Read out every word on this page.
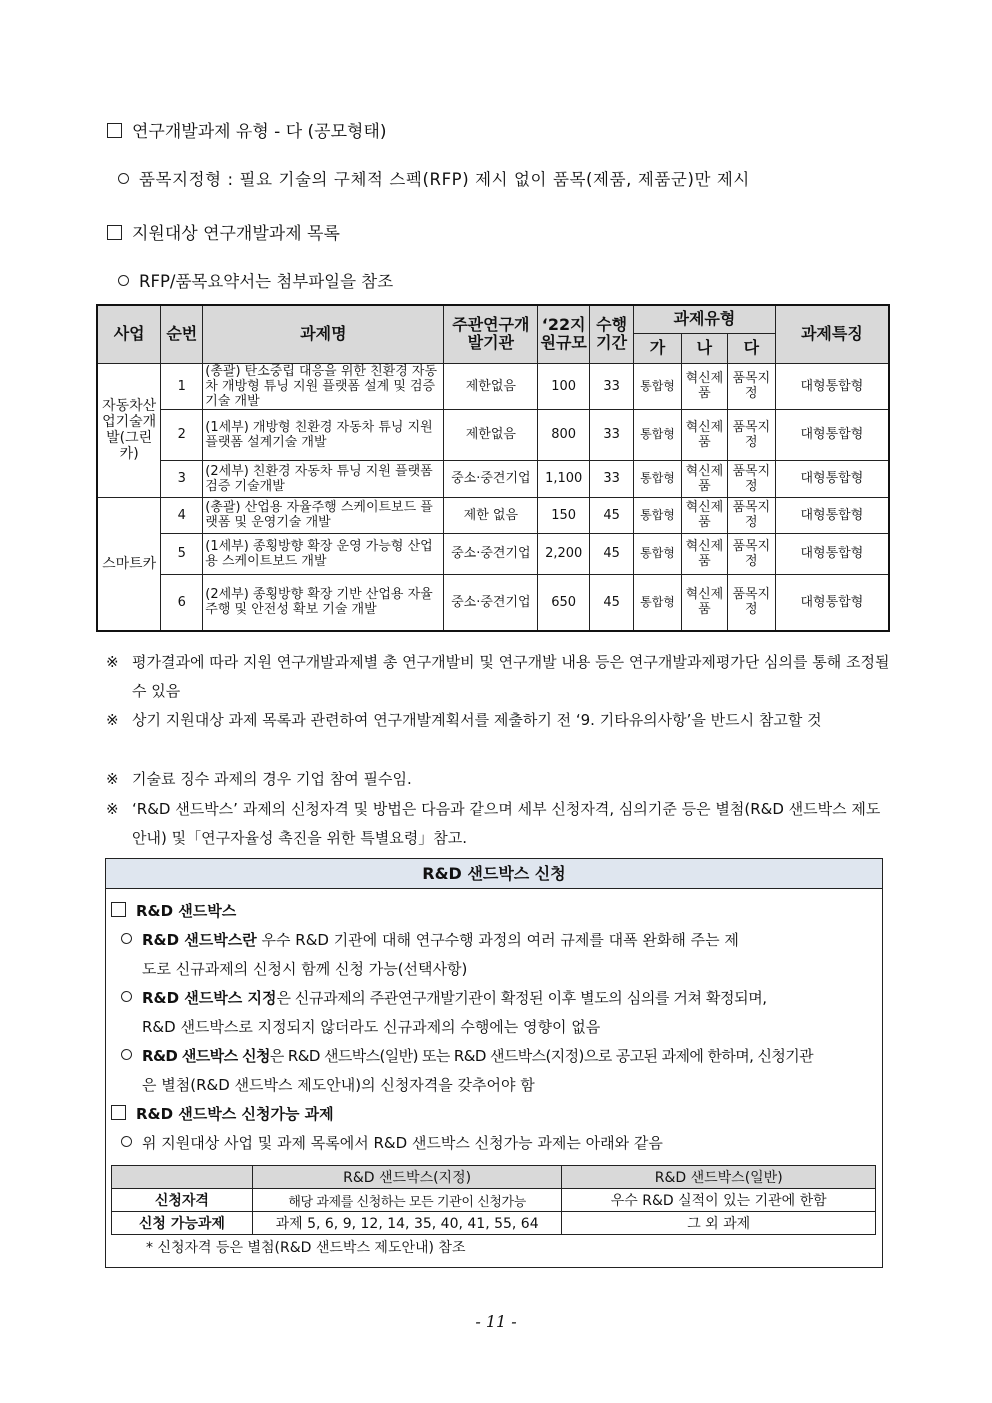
연구개발과제 유형 - 다 (공모형태)
품목지정형 : 필요 기술의 구체적 스펙(RFP) 제시 없이 품목(제품, 제품군)만 제시
지원대상 연구개발과제 목록
RFP/품목요약서는 첨부파일을 참조
사업	순번	과제명	주관연구개발기관	‘22지원규모	수행기간	과제유형			과제특징
						가	나	다	
자동차산업기술개발(그린카)	1	(총괄) 탄소중립 대응을 위한 친환경 자동차 개방형 튜닝 지원 플랫폼 설계 및 검증기술 개발	제한없음	100	33	통합형	혁신제품	품목지정	대형통합형
	2	(1세부) 개방형 친환경 자동차 튜닝 지원 플랫폼 설계기술 개발	제한없음	800	33	통합형	혁신제품	품목지정	대형통합형
	3	(2세부) 친환경 자동차 튜닝 지원 플랫폼 검증 기술개발	중소·중견기업	1,100	33	통합형	혁신제품	품목지정	대형통합형
스마트카	4	(총괄) 산업용 자율주행 스케이트보드 플랫폼 및 운영기술 개발	제한 없음	150	45	통합형	혁신제품	품목지정	대형통합형
	5	(1세부) 종횡방향 확장 운영 가능형 산업용 스케이트보드 개발	중소·중견기업	2,200	45	통합형	혁신제품	품목지정	대형통합형
	6	(2세부) 종횡방향 확장 기반 산업용 자율주행 및 안전성 확보 기술 개발	중소·중견기업	650	45	통합형	혁신제품	품목지정	대형통합형
※ 평가결과에 따라 지원 연구개발과제별 총 연구개발비 및 연구개발 내용 등은 연구개발과제평가단 심의를 통해 조정될 수 있음
※ 상기 지원대상 과제 목록과 관련하여 연구개발계획서를 제출하기 전 ‘9. 기타유의사항’을 반드시 참고할 것
※ 기술료 징수 과제의 경우 기업 참여 필수임.
※ ‘R&D 샌드박스’ 과제의 신청자격 및 방법은 다음과 같으며 세부 신청자격, 심의기준 등은 별첨(R&D 샌드박스 제도 안내) 및「연구자율성 촉진을 위한 특별요령」참고.
R&D 샌드박스 신청
R&D 샌드박스
R&D 샌드박스란 우수 R&D 기관에 대해 연구수행 과정의 여러 규제를 대폭 완화해 주는 제
도로 신규과제의 신청시 함께 신청 가능(선택사항)
R&D 샌드박스 지정은 신규과제의 주관연구개발기관이 확정된 이후 별도의 심의를 거쳐 확정되며,
R&D 샌드박스로 지정되지 않더라도 신규과제의 수행에는 영향이 없음
R&D 샌드박스 신청은 R&D 샌드박스(일반) 또는 R&D 샌드박스(지정)으로 공고된 과제에 한하며, 신청기관
은 별첨(R&D 샌드박스 제도안내)의 신청자격을 갖추어야 함
R&D 샌드박스 신청가능 과제
위 지원대상 사업 및 과제 목록에서 R&D 샌드박스 신청가능 과제는 아래와 같음
	R&D 샌드박스(지정)	R&D 샌드박스(일반)
신청자격	해당 과제를 신청하는 모든 기관이 신청가능	우수 R&D 실적이 있는 기관에 한함
신청 가능과제	과제 5, 6, 9, 12, 14, 35, 40, 41, 55, 64	그 외 과제
* 신청자격 등은 별첨(R&D 샌드박스 제도안내) 참조
- 11 -
